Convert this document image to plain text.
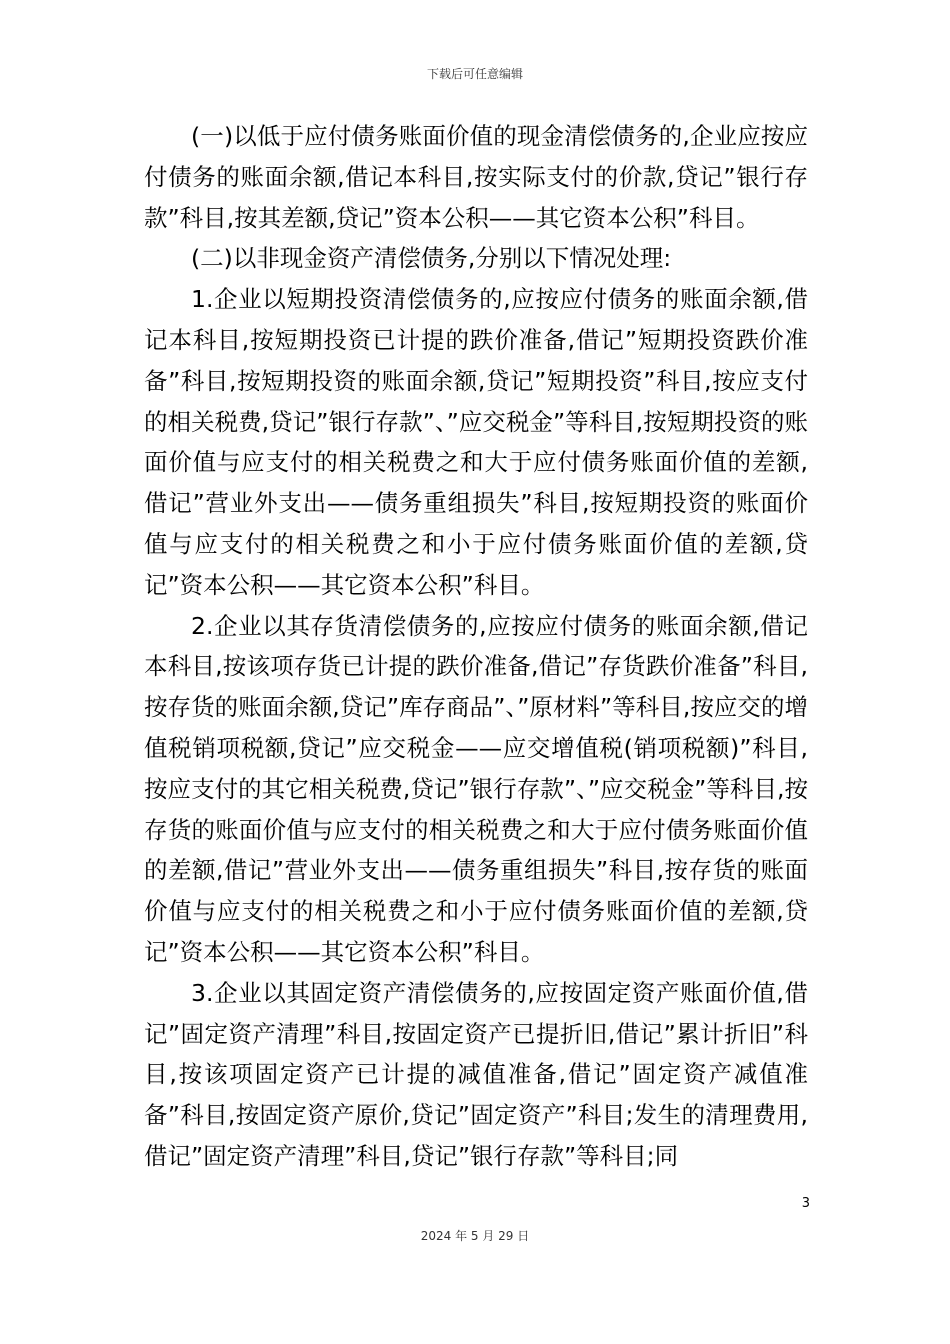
下载后可任意编辑

(一)以低于应付债务账面价值的现金清偿债务的,企业应按应付债务的账面余额,借记本科目,按实际支付的价款,贷记”银行存款”科目,按其差额,贷记”资本公积——其它资本公积”科目。

(二)以非现金资产清偿债务,分别以下情况处理:

1.企业以短期投资清偿债务的,应按应付债务的账面余额,借记本科目,按短期投资已计提的跌价准备,借记”短期投资跌价准备”科目,按短期投资的账面余额,贷记”短期投资”科目,按应支付的相关税费,贷记”银行存款”、”应交税金”等科目,按短期投资的账面价值与应支付的相关税费之和大于应付债务账面价值的差额,借记”营业外支出——债务重组损失”科目,按短期投资的账面价值与应支付的相关税费之和小于应付债务账面价值的差额,贷记”资本公积——其它资本公积”科目。

2.企业以其存货清偿债务的,应按应付债务的账面余额,借记本科目,按该项存货已计提的跌价准备,借记”存货跌价准备”科目,按存货的账面余额,贷记”库存商品”、”原材料”等科目,按应交的增值税销项税额,贷记”应交税金——应交增值税(销项税额)”科目,按应支付的其它相关税费,贷记”银行存款”、”应交税金”等科目,按存货的账面价值与应支付的相关税费之和大于应付债务账面价值的差额,借记”营业外支出——债务重组损失”科目,按存货的账面价值与应支付的相关税费之和小于应付债务账面价值的差额,贷记”资本公积——其它资本公积”科目。

3.企业以其固定资产清偿债务的,应按固定资产账面价值,借记”固定资产清理”科目,按固定资产已提折旧,借记”累计折旧”科目,按该项固定资产已计提的减值准备,借记”固定资产减值准备”科目,按固定资产原价,贷记”固定资产”科目;发生的清理费用,借记”固定资产清理”科目,贷记”银行存款”等科目;同

3
2024 年 5 月 29 日
